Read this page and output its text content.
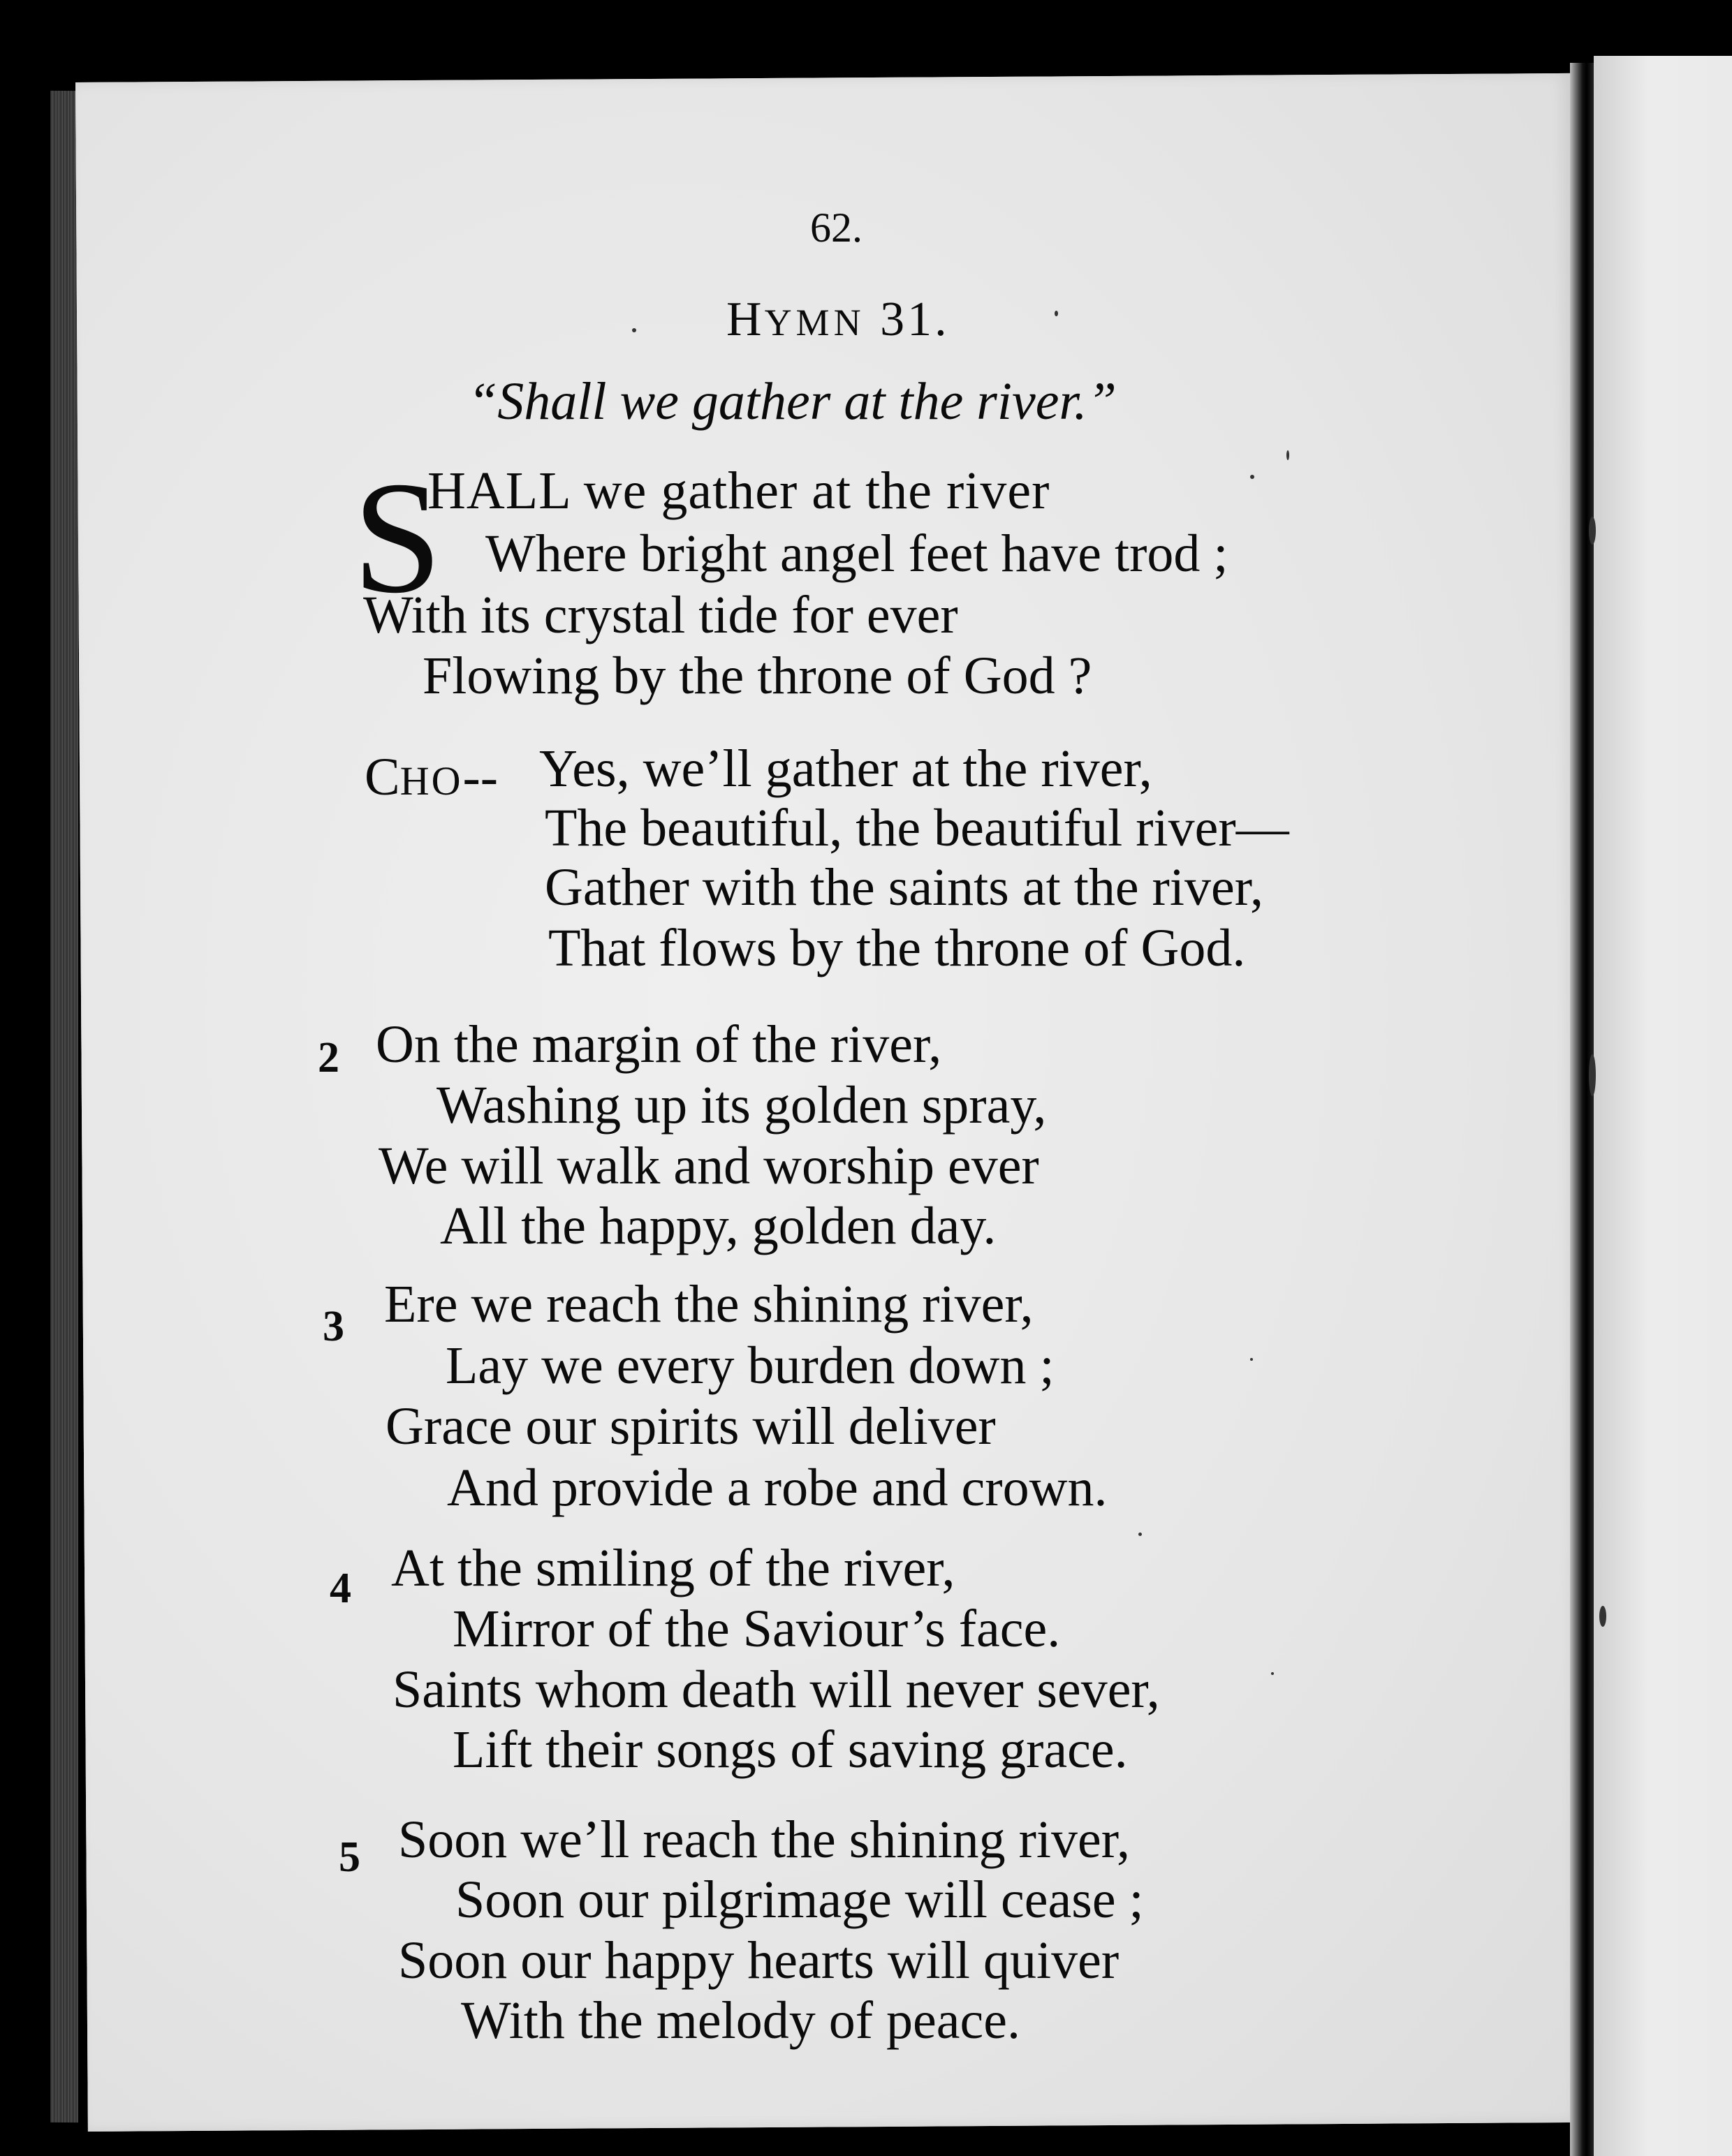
62.
HYMN 31.
“Shall we gather at the river.”
S
HALL we gather at the river
Where bright angel feet have trod ;
With its crystal tide for ever
Flowing by the throne of God ?
CHO-- Yes, we’ll gather at the river,
The beautiful, the beautiful river—
Gather with the saints at the river,
That flows by the throne of God.
2 On the margin of the river,
Washing up its golden spray,
We will walk and worship ever
All the happy, golden day.
3 Ere we reach the shining river,
Lay we every burden down ;
Grace our spirits will deliver
And provide a robe and crown.
4 At the smiling of the river,
Mirror of the Saviour’s face.
Saints whom death will never sever,
Lift their songs of saving grace.
5 Soon we’ll reach the shining river,
Soon our pilgrimage will cease ;
Soon our happy hearts will quiver
With the melody of peace.
